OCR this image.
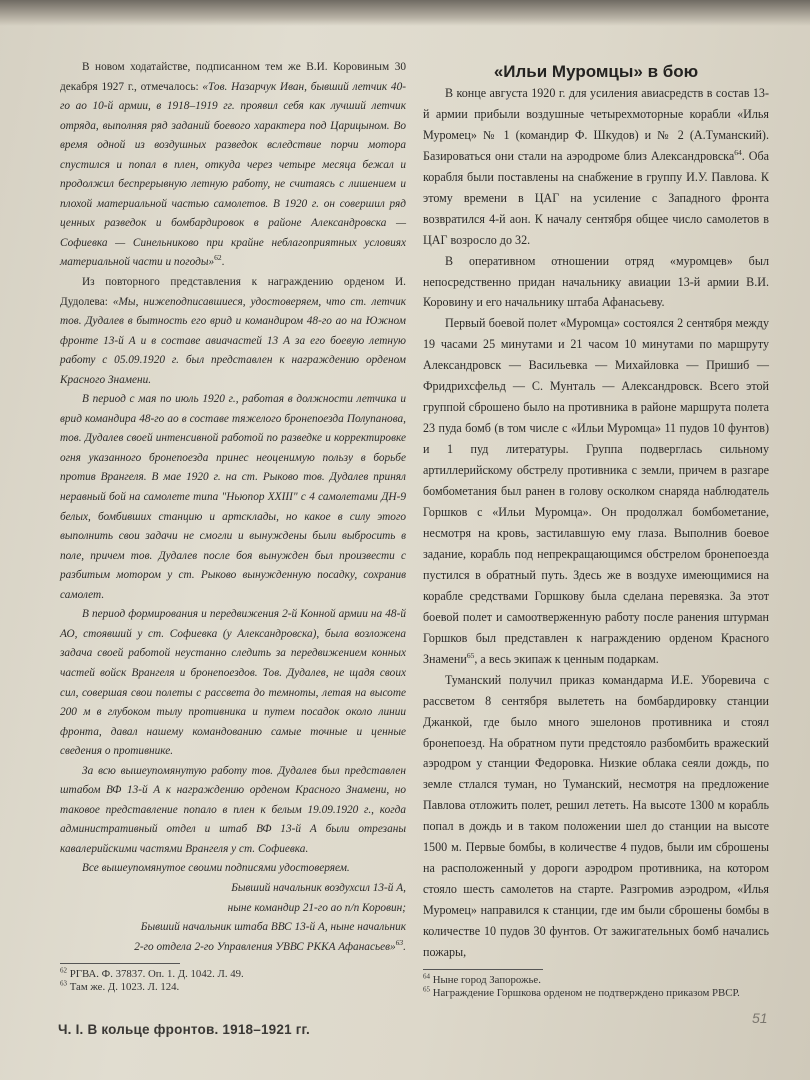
В новом ходатайстве, подписанном тем же В.И. Коровиным 30 декабря 1927 г., отмечалось: «Тов. Назарчук Иван, бывший летчик 40-го ао 10-й армии, в 1918–1919 гг. проявил себя как лучший летчик отряда, выполняя ряд заданий боевого характера под Царицыном. Во время одной из воздушных разведок вследствие порчи мотора спустился и попал в плен, откуда через четыре месяца бежал и продолжил беспрерывную летную работу, не считаясь с лишением и плохой материальной частью самолетов. В 1920 г. он совершил ряд ценных разведок и бомбардировок в районе Александровска — Софиевка — Синельниково при крайне неблагоприятных условиях материальной части и погоды»$^{62}$.

Из повторного представления к награждению орденом И. Дудолева: «Мы, нижеподписавшиеся, удостоверяем, что ст. летчик тов. Дудалев в бытность его врид и командиром 48-го ао на Южном фронте 13-й А и в составе авиачастей 13 А за его боевую летную работу с 05.09.1920 г. был представлен к награждению орденом Красного Знамени.

В период с мая по июль 1920 г., работая в должности летчика и врид командира 48-го ао в составе тяжелого бронепоезда Полупанова, тов. Дудалев своей интенсивной работой по разведке и корректировке огня указанного бронепоезда принес неоценимую пользу в борьбе против Врангеля. В мае 1920 г. на ст. Рыково тов. Дудалев принял неравный бой на самолете типа "Ньюпор XXIII" с 4 самолетами ДН-9 белых, бомбивших станцию и артсклады, но какое в силу этого выполнить свои задачи не смогли и вынуждены были выбросить в поле, причем тов. Дудалев после боя вынужден был произвести с разбитым мотором у ст. Рыково вынужденную посадку, сохранив самолет.

В период формирования и передвижения 2-й Конной армии на 48-й АО, стоявший у ст. Софиевка (у Александровска), была возложена задача своей работой неустанно следить за передвижением конных частей войск Врангеля и бронепоездов. Тов. Дудалев, не щадя своих сил, совершая свои полеты с рассвета до темноты, летая на высоте 200 м в глубоком тылу противника и путем посадок около линии фронта, давал нашему командованию самые точные и ценные сведения о противнике.

За всю вышеупомянутую работу тов. Дудалев был представлен штабом ВФ 13-й А к награждению орденом Красного Знамени, но таковое представление попало в плен к белым 19.09.1920 г., когда административный отдел и штаб ВФ 13-й А были отрезаны кавалерийскими частями Врангеля у ст. Софиевка.

Все вышеупомянутое своими подписями удостоверяем.

Бывший начальник воздухсил 13-й А,

ныне командир 21-го ао п/п Коровин;

Бывший начальник штаба ВВС 13-й А, ныне начальник

2-го отдела 2-го Управления УВВС РККА Афанасьев»$^{63}$.

$^{62}$ РГВА. Ф. 37837. Оп. 1. Д. 1042. Л. 49.

$^{63}$ Там же. Д. 1023. Л. 124.

«Ильи Муромцы» в бою

В конце августа 1920 г. для усиления авиасредств в состав 13-й армии прибыли воздушные четырехмоторные корабли «Илья Муромец» № 1 (командир Ф. Шкудов) и № 2 (А.Туманский). Базироваться они стали на аэродроме близ Александровска$^{64}$. Оба корабля были поставлены на снабжение в группу И.У. Павлова. К этому времени в ЦАГ на усиление с Западного фронта возвратился 4-й аон. К началу сентября общее число самолетов в ЦАГ возросло до 32.

В оперативном отношении отряд «муромцев» был непосредственно придан начальнику авиации 13-й армии В.И. Коровину и его начальнику штаба Афанасьеву.

Первый боевой полет «Муромца» состоялся 2 сентября между 19 часами 25 минутами и 21 часом 10 минутами по маршруту Александровск — Васильевка — Михайловка — Пришиб — Фридрихсфельд — С. Мунталь — Александровск. Всего этой группой сброшено было на противника в районе маршрута полета 23 пуда бомб (в том числе с «Ильи Муромца» 11 пудов 10 фунтов) и 1 пуд литературы. Группа подверглась сильному артиллерийскому обстрелу противника с земли, причем в разгаре бомбометания был ранен в голову осколком снаряда наблюдатель Горшков с «Ильи Муромца». Он продолжал бомбометание, несмотря на кровь, застилавшую ему глаза. Выполнив боевое задание, корабль под непрекращающимся обстрелом бронепоезда пустился в обратный путь. Здесь же в воздухе имеющимися на корабле средствами Горшкову была сделана перевязка. За этот боевой полет и самоотверженную работу после ранения штурман Горшков был представлен к награждению орденом Красного Знамени$^{65}$, а весь экипаж к ценным подаркам.

Туманский получил приказ командарма И.Е. Уборевича с рассветом 8 сентября вылететь на бомбардировку станции Джанкой, где было много эшелонов противника и стоял бронепоезд. На обратном пути предстояло разбомбить вражеский аэродром у станции Федоровка. Низкие облака сеяли дождь, по земле стлался туман, но Туманский, несмотря на предложение Павлова отложить полет, решил лететь. На высоте 1300 м корабль попал в дождь и в таком положении шел до станции на высоте 1500 м. Первые бомбы, в количестве 4 пудов, были им сброшены на расположенный у дороги аэродром противника, на котором стояло шесть самолетов на старте. Разгромив аэродром, «Илья Муромец» направился к станции, где им были сброшены бомбы в количестве 10 пудов 30 фунтов. От зажигательных бомб начались пожары,

$^{64}$ Ныне город Запорожье.

$^{65}$ Награждение Горшкова орденом не подтверждено приказом РВСР.

Ч. I. В кольце фронтов. 1918–1921 гг.
51
